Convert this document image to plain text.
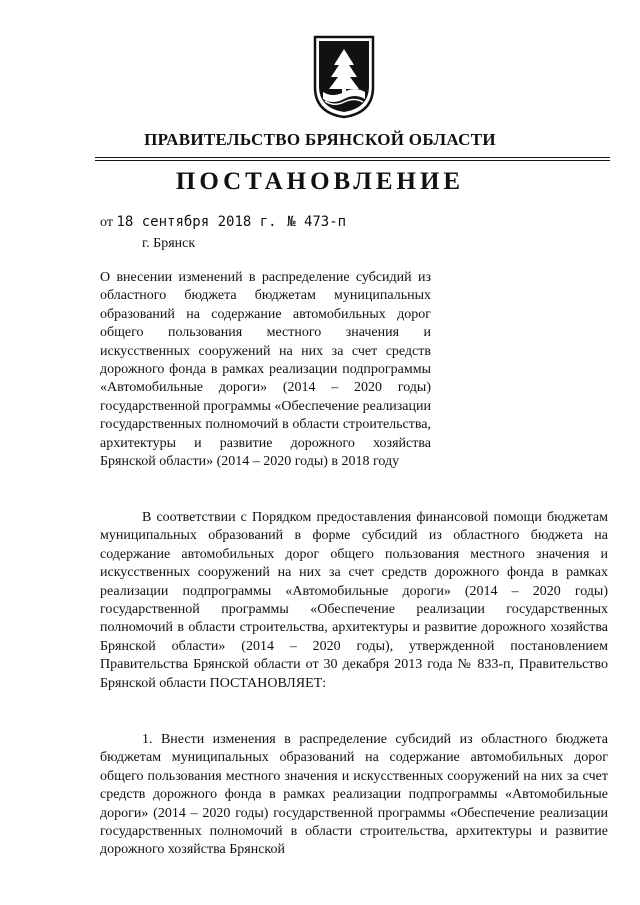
ПРАВИТЕЛЬСТВО БРЯНСКОЙ ОБЛАСТИ
ПОСТАНОВЛЕНИЕ
от 18 сентября 2018 г. № 473-п
г. Брянск
О внесении изменений в распределение субсидий из областного бюджета бюджетам муниципальных образований на содержание автомобильных дорог общего пользования местного значения и искусственных сооружений на них за счет средств дорожного фонда в рамках реализации подпрограммы «Автомобильные дороги» (2014 – 2020 годы) государственной программы «Обеспечение реализации государственных полномочий в области строительства, архитектуры и развитие дорожного хозяйства Брянской области» (2014 – 2020 годы) в 2018 году
В соответствии с Порядком предоставления финансовой помощи бюджетам муниципальных образований в форме субсидий из областного бюджета на содержание автомобильных дорог общего пользования местного значения и искусственных сооружений на них за счет средств дорожного фонда в рамках реализации подпрограммы «Автомобильные дороги» (2014 – 2020 годы) государственной программы «Обеспечение реализации государственных полномочий в области строительства, архитектуры и развитие дорожного хозяйства Брянской области» (2014 – 2020 годы), утвержденной постановлением Правительства Брянской области от 30 декабря 2013 года № 833-п, Правительство Брянской области ПОСТАНОВЛЯЕТ:
1. Внести изменения в распределение субсидий из областного бюджета бюджетам муниципальных образований на содержание автомобильных дорог общего пользования местного значения и искусственных сооружений на них за счет средств дорожного фонда в рамках реализации подпрограммы «Автомобильные дороги» (2014 – 2020 годы) государственной программы «Обеспечение реализации государственных полномочий в области строительства, архитектуры и развитие дорожного хозяйства Брянской
